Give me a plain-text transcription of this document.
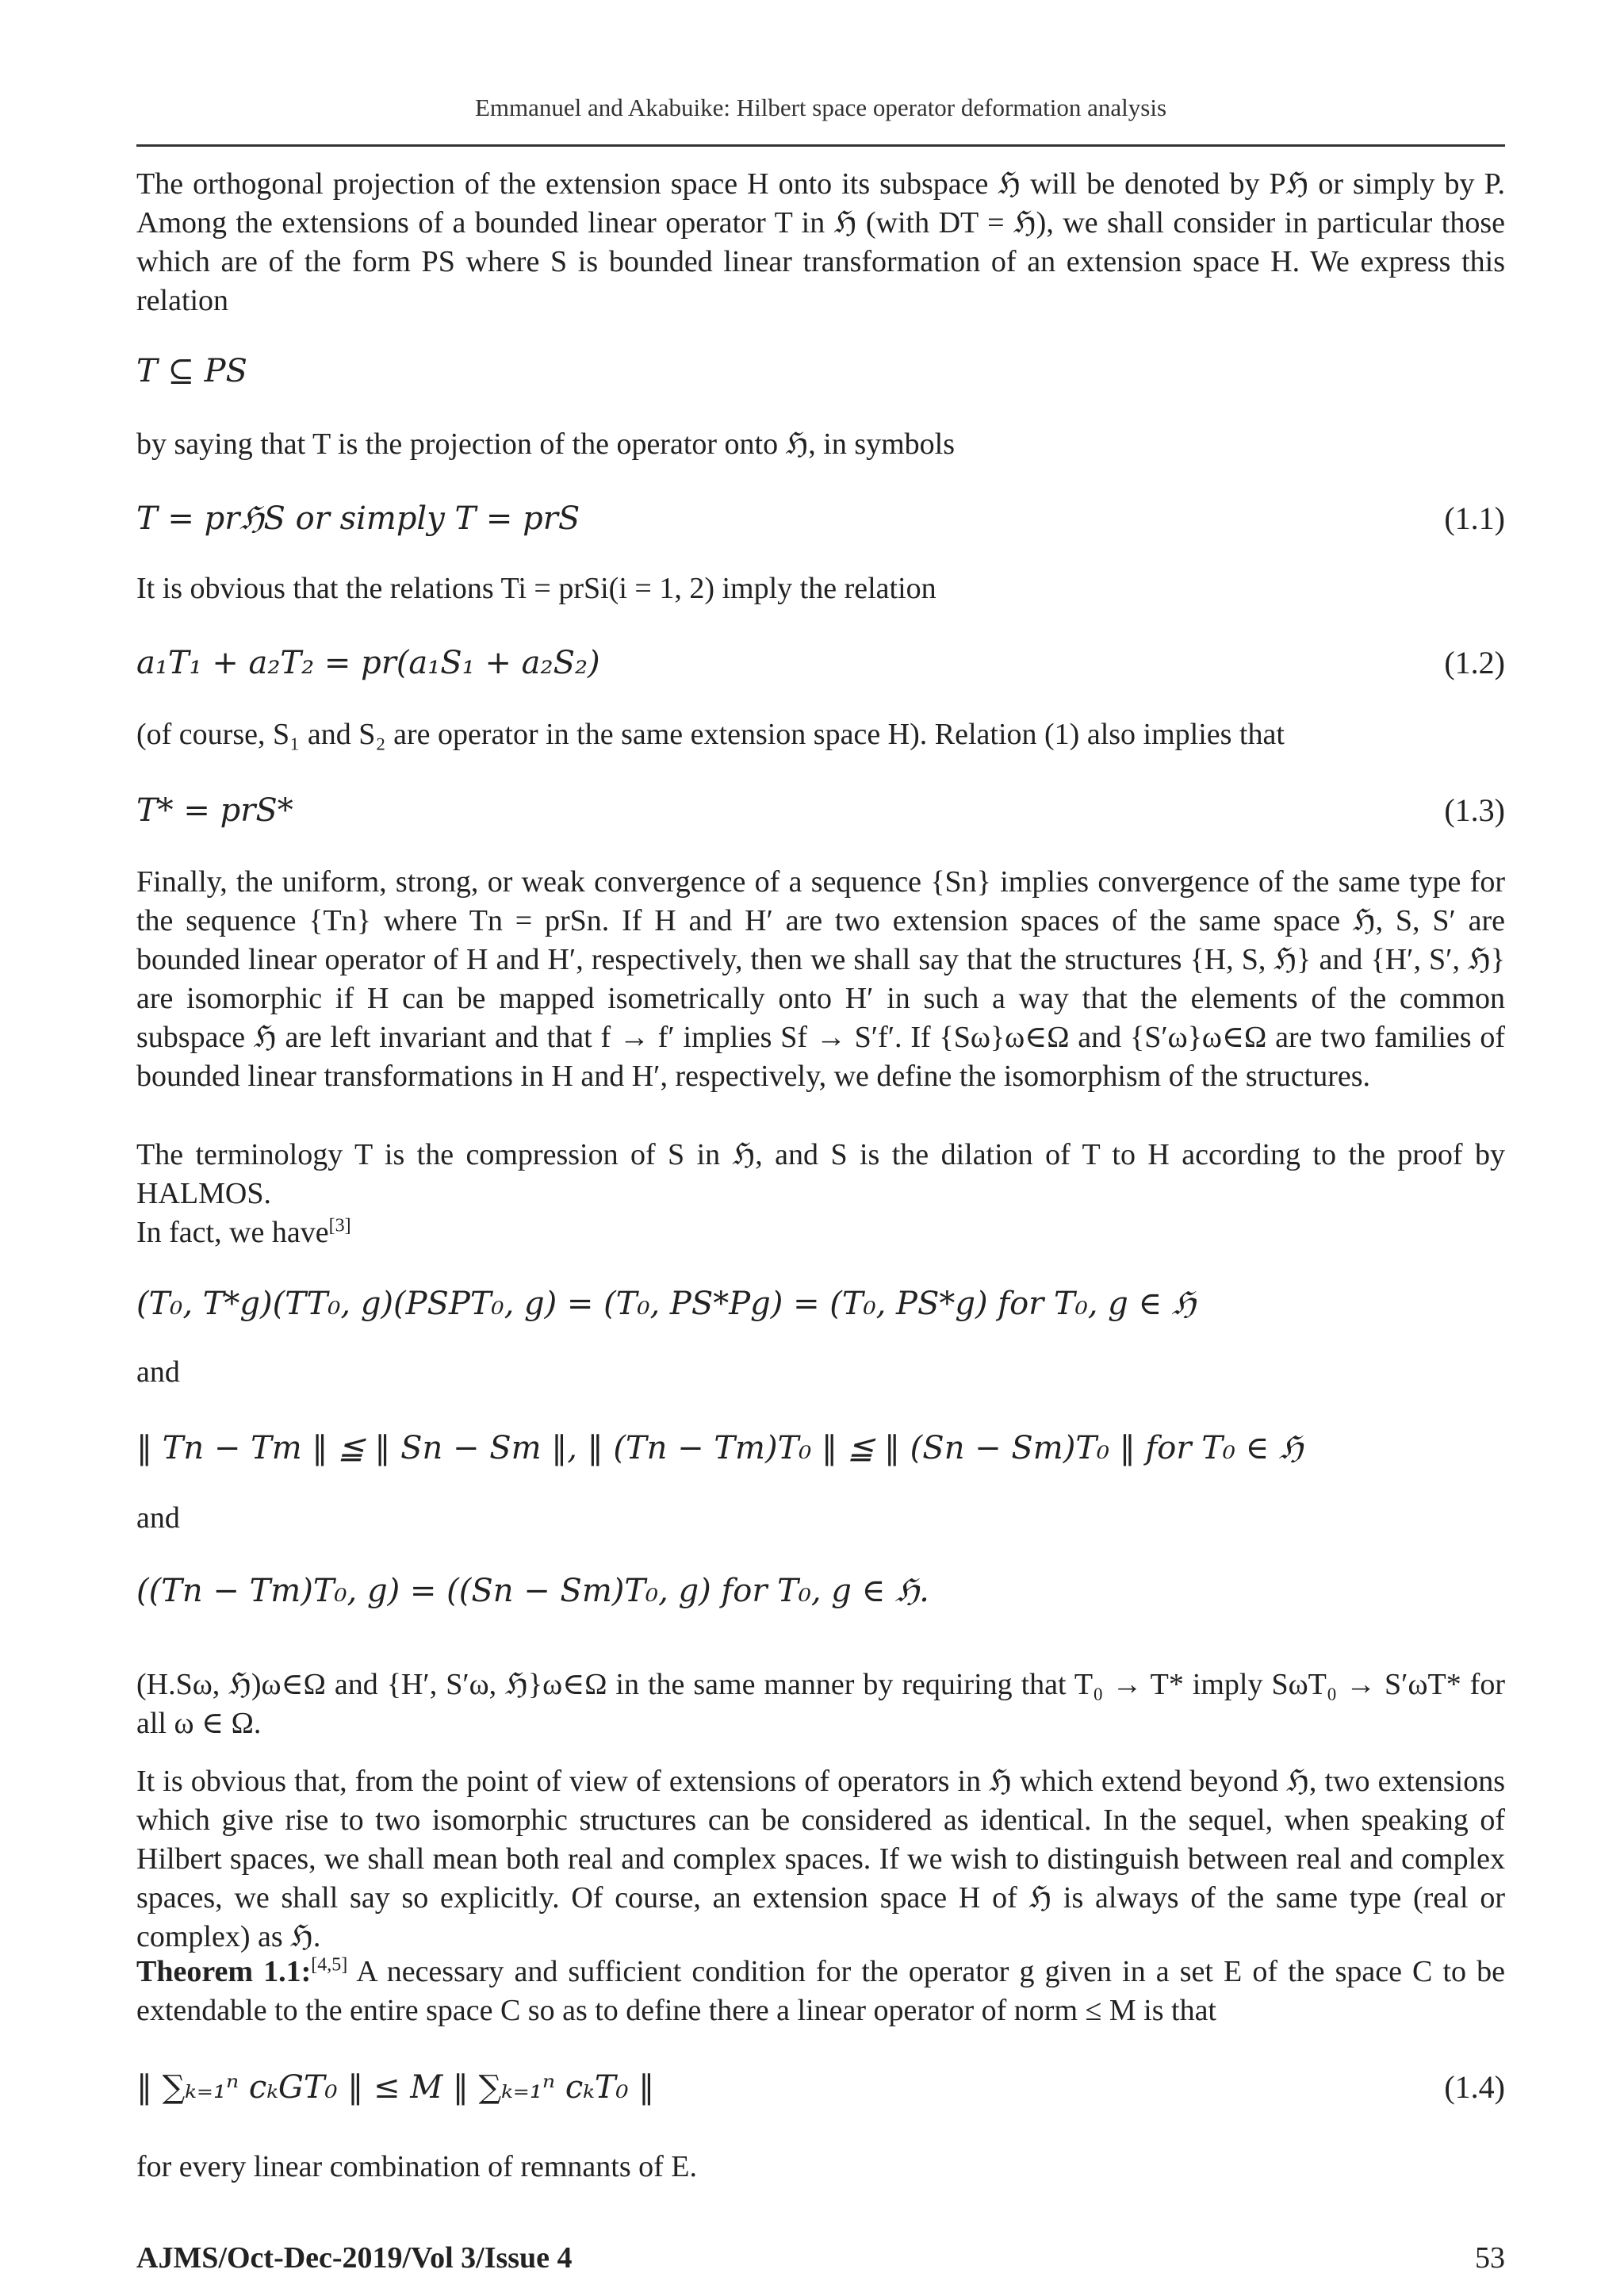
Emmanuel and Akabuike: Hilbert space operator deformation analysis
The orthogonal projection of the extension space H onto its subspace ℌ will be denoted by Pℌ or simply by P. Among the extensions of a bounded linear operator T in ℌ (with DT = ℌ), we shall consider in particular those which are of the form PS where S is bounded linear transformation of an extension space H. We express this relation
T ⊆ PS
by saying that T is the projection of the operator onto ℌ, in symbols
T = prℌS or simply T = prS	(1.1)
It is obvious that the relations Ti = prSi(i = 1, 2) imply the relation
a₁T₁ + a₂T₂ = pr(a₁S₁ + a₂S₂)	(1.2)
(of course, S₁ and S₂ are operator in the same extension space H). Relation (1) also implies that
T* = prS*	(1.3)
Finally, the uniform, strong, or weak convergence of a sequence {Sn} implies convergence of the same type for the sequence {Tn} where Tn = prSn. If H and H′ are two extension spaces of the same space ℌ, S, S′ are bounded linear operator of H and H′, respectively, then we shall say that the structures {H, S, ℌ} and {H′, S′, ℌ} are isomorphic if H can be mapped isometrically onto H′ in such a way that the elements of the common subspace ℌ are left invariant and that f → f′ implies Sf → S′f′. If {Sω}ω∈Ω and {S′ω}ω∈Ω are two families of bounded linear transformations in H and H′, respectively, we define the isomorphism of the structures.
The terminology T is the compression of S in ℌ, and S is the dilation of T to H according to the proof by HALMOS.
In fact, we have[3]
(T₀, T*g)(TT₀, g)(PSPT₀, g) = (T₀, PS*Pg) = (T₀, PS*g) for T₀, g ∈ ℌ
and
‖ Tn − Tm ‖ ≦ ‖ Sn − Sm ‖, ‖ (Tn − Tm)T₀ ‖ ≦ ‖ (Sn − Sm)T₀ ‖ for T₀ ∈ ℌ
and
((Tn − Tm)T₀, g) = ((Sn − Sm)T₀, g) for T₀, g ∈ ℌ.
(H.Sω, ℌ)ω∈Ω and {H′, S′ω, ℌ}ω∈Ω in the same manner by requiring that T₀ → T* imply SωT₀ → S′ωT* for all ω ∈ Ω.
It is obvious that, from the point of view of extensions of operators in ℌ which extend beyond ℌ, two extensions which give rise to two isomorphic structures can be considered as identical. In the sequel, when speaking of Hilbert spaces, we shall mean both real and complex spaces. If we wish to distinguish between real and complex spaces, we shall say so explicitly. Of course, an extension space H of ℌ is always of the same type (real or complex) as ℌ.
Theorem 1.1:[4,5] A necessary and sufficient condition for the operator g given in a set E of the space C to be extendable to the entire space C so as to define there a linear operator of norm ≤ M is that
‖ ∑ₖ₌₁ⁿ cₖGT₀ ‖ ≤ M ‖ ∑ₖ₌₁ⁿ cₖT₀ ‖	(1.4)
for every linear combination of remnants of E.
AJMS/Oct-Dec-2019/Vol 3/Issue 4	53
